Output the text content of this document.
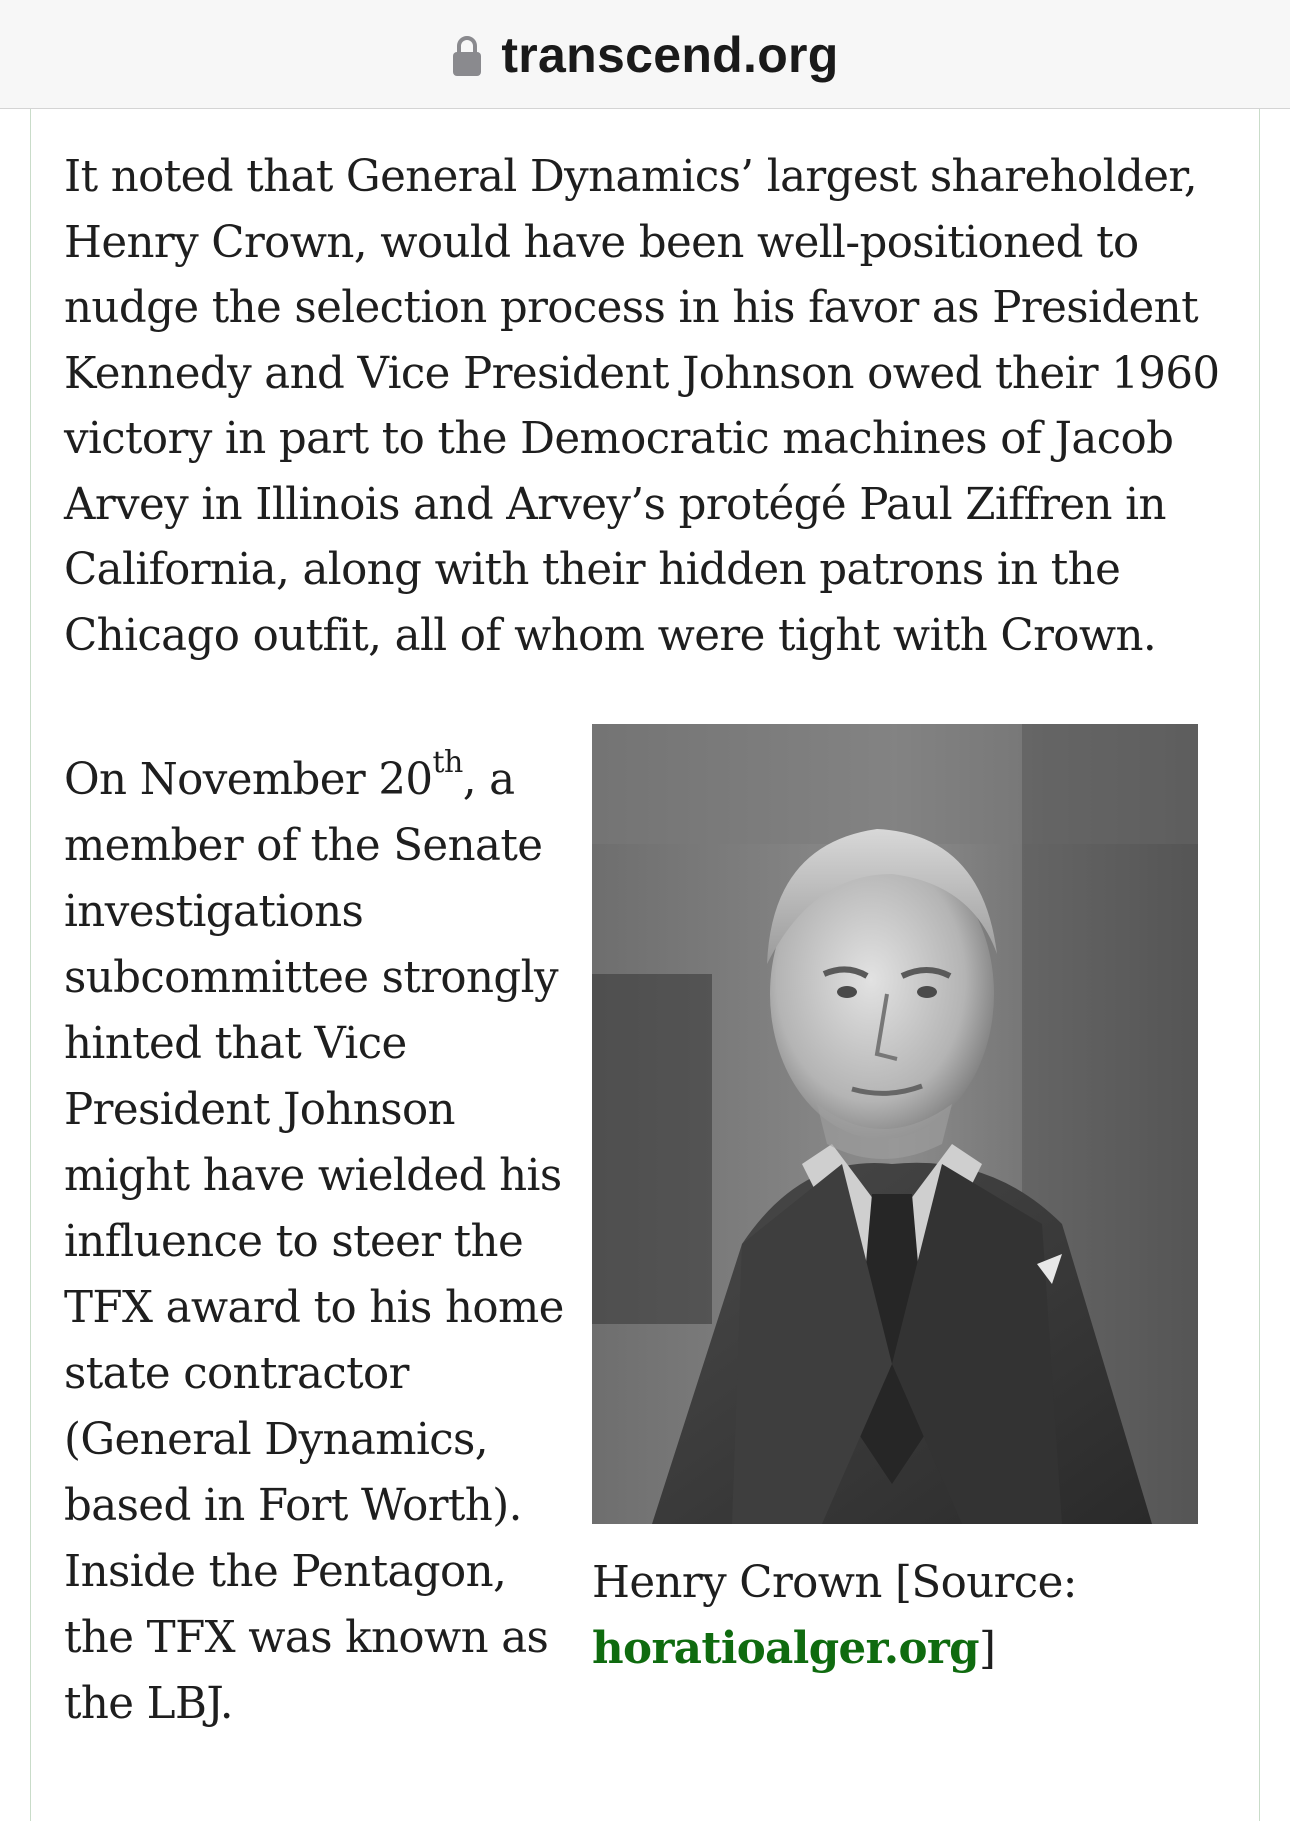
transcend.org

It noted that General Dynamics’ largest shareholder, Henry Crown, would have been well-positioned to nudge the selection process in his favor as President Kennedy and Vice President Johnson owed their 1960 victory in part to the Democratic machines of Jacob Arvey in Illinois and Arvey’s protégé Paul Ziffren in California, along with their hidden patrons in the Chicago outfit, all of whom were tight with Crown.

On November 20th, a member of the Senate investigations subcommittee strongly hinted that Vice President Johnson might have wielded his influence to steer the TFX award to his home state contractor (General Dynamics, based in Fort Worth). Inside the Pentagon, the TFX was known as the LBJ.

Henry Crown [Source: horatioalger.org]
